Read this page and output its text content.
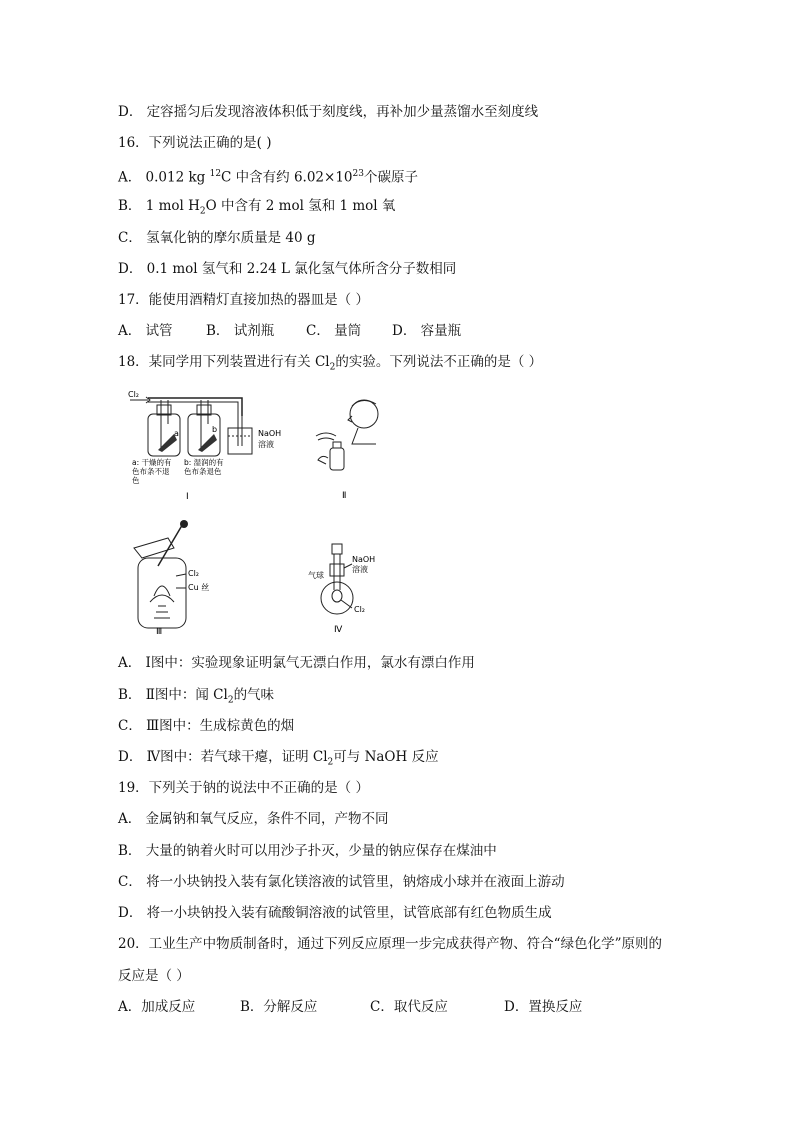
D． 定容摇匀后发现溶液体积低于刻度线，再补加少量蒸馏水至刻度线
16．下列说法正确的是( )
A． 0.012 kg $^{12}$C 中含有约 $6.02\times 10^{23}$个碳原子
B． 1 mol $H_2O$ 中含有 2 mol 氢和 1 mol 氧
C． 氢氧化钠的摩尔质量是 40 g
D． 0.1 mol 氢气和 2.24 L 氯化氢气体所含分子数相同
17．能使用酒精灯直接加热的器皿是（ ）
A． 试管 B． 试剂瓶 C． 量筒 D． 容量瓶
18．某同学用下列装置进行有关 $Cl_2$的实验。下列说法不正确的是（ ）
Cl₂
a	b	NaOH
溶液
a: 干燥的有
色布条不退
色
b: 湿润的有
色布条退色
Ⅰ	Ⅱ
Cl₂
Cu 丝
Ⅲ
NaOH
溶液
气球
Cl₂
Ⅳ
A． Ⅰ图中：实验现象证明氯气无漂白作用，氯水有漂白作用
B． Ⅱ图中：闻 $Cl_2$的气味
C． Ⅲ图中：生成棕黄色的烟
D． Ⅳ图中：若气球干瘪，证明 $Cl_2$可与 NaOH 反应
19．下列关于钠的说法中不正确的是（ ）
A． 金属钠和氧气反应，条件不同，产物不同
B． 大量的钠着火时可以用沙子扑灭，少量的钠应保存在煤油中
C． 将一小块钠投入装有氯化镁溶液的试管里，钠熔成小球并在液面上游动
D． 将一小块钠投入装有硫酸铜溶液的试管里，试管底部有红色物质生成
20．工业生产中物质制备时，通过下列反应原理一步完成获得产物、符合“绿色化学”原则的
反应是（ ）
A．加成反应	B．分解反应	C．取代反应	D．置换反应
